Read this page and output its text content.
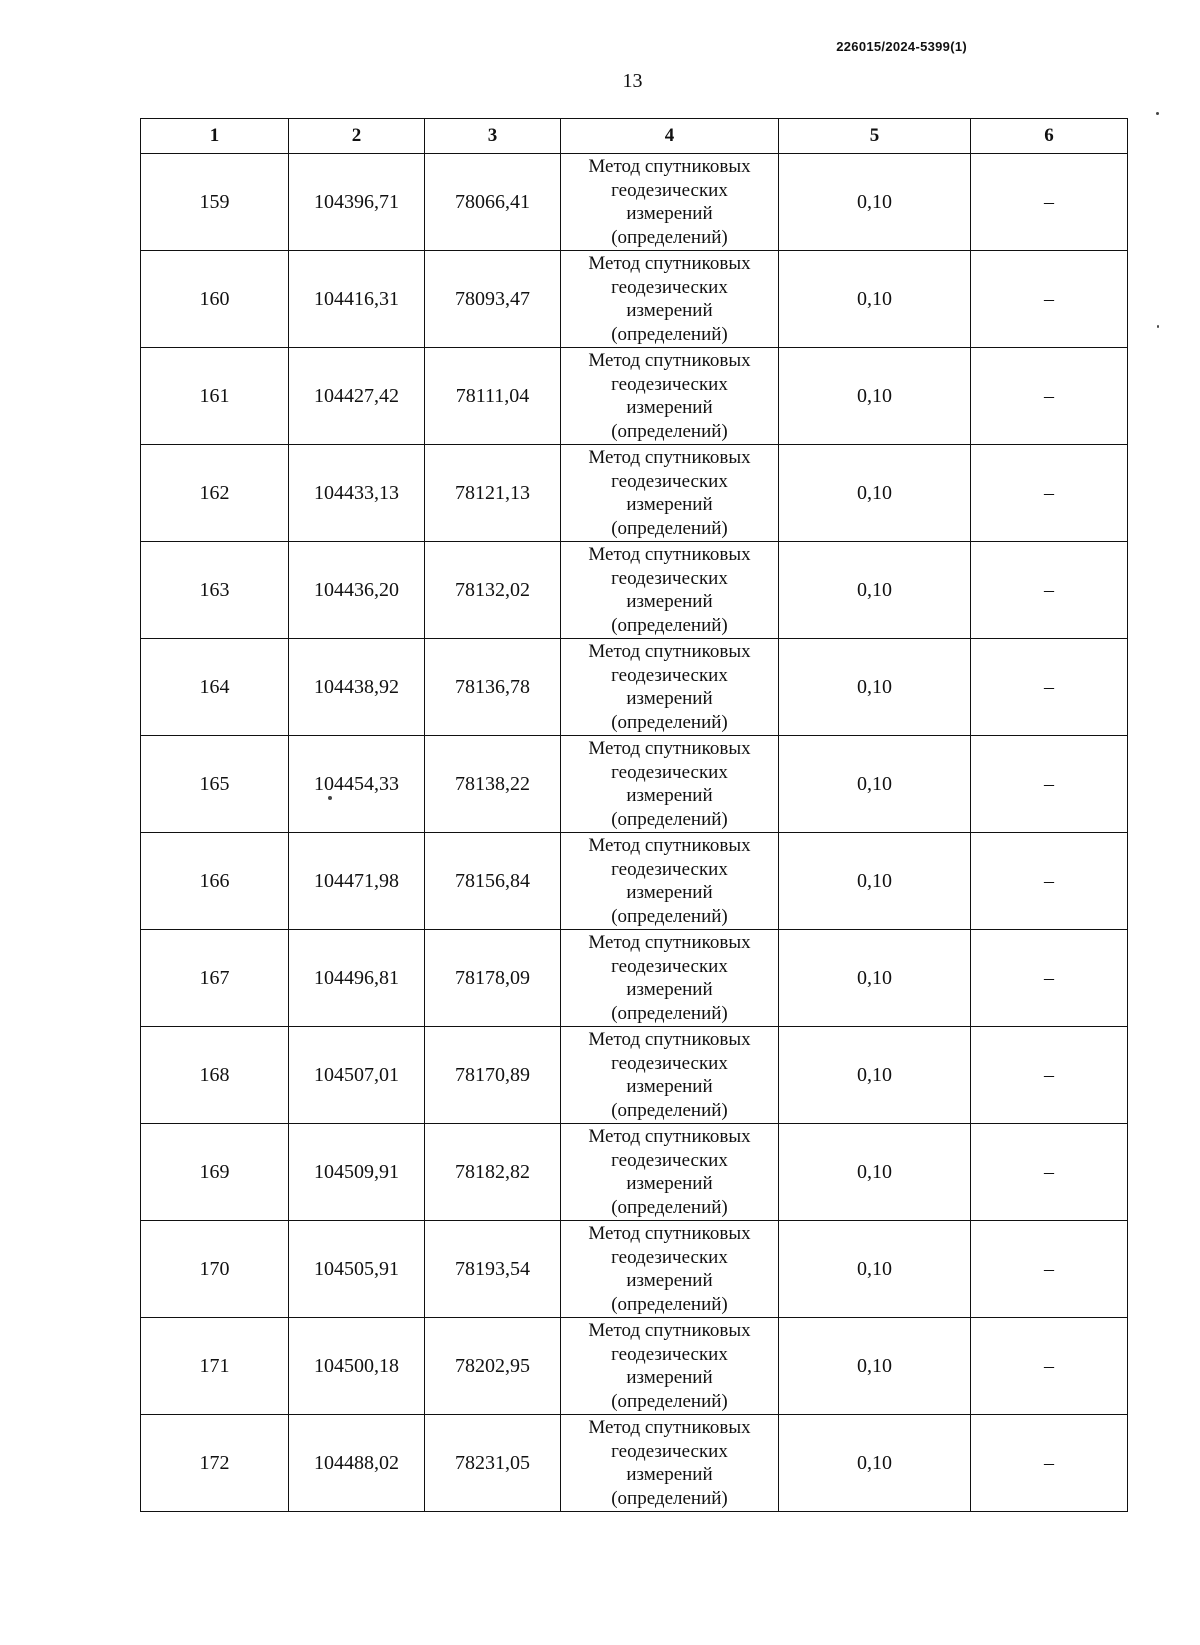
226015/2024-5399(1)
13
1	2	3	4	5	6
159	104396,71	78066,41	Метод спутниковых
геодезических
измерений
(определений)	0,10	–
160	104416,31	78093,47	Метод спутниковых
геодезических
измерений
(определений)	0,10	–
161	104427,42	78111,04	Метод спутниковых
геодезических
измерений
(определений)	0,10	–
162	104433,13	78121,13	Метод спутниковых
геодезических
измерений
(определений)	0,10	–
163	104436,20	78132,02	Метод спутниковых
геодезических
измерений
(определений)	0,10	–
164	104438,92	78136,78	Метод спутниковых
геодезических
измерений
(определений)	0,10	–
165	104454,33	78138,22	Метод спутниковых
геодезических
измерений
(определений)	0,10	–
166	104471,98	78156,84	Метод спутниковых
геодезических
измерений
(определений)	0,10	–
167	104496,81	78178,09	Метод спутниковых
геодезических
измерений
(определений)	0,10	–
168	104507,01	78170,89	Метод спутниковых
геодезических
измерений
(определений)	0,10	–
169	104509,91	78182,82	Метод спутниковых
геодезических
измерений
(определений)	0,10	–
170	104505,91	78193,54	Метод спутниковых
геодезических
измерений
(определений)	0,10	–
171	104500,18	78202,95	Метод спутниковых
геодезических
измерений
(определений)	0,10	–
172	104488,02	78231,05	Метод спутниковых
геодезических
измерений
(определений)	0,10	–
